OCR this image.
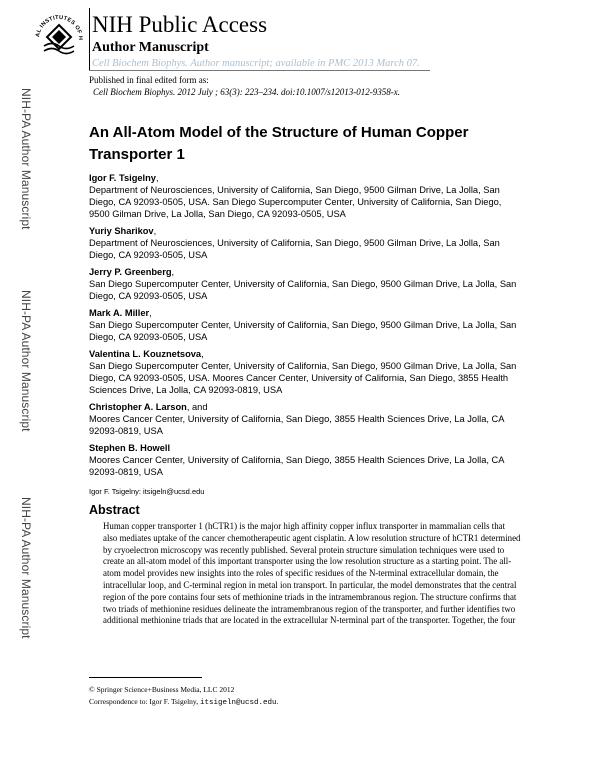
AL INSTITUTES OF H
NIH Public Access
Author Manuscript
Cell Biochem Biophys. Author manuscript; available in PMC 2013 March 07.
Published in final edited form as:
Cell Biochem Biophys. 2012 July ; 63(3): 223–234. doi:10.1007/s12013-012-9358-x.
NIH-PA Author Manuscript
NIH-PA Author Manuscript
NIH-PA Author Manuscript
An All-Atom Model of the Structure of Human Copper
Transporter 1
Igor F. Tsigelny,
Department of Neurosciences, University of California, San Diego, 9500 Gilman Drive, La Jolla, San Diego, CA 92093-0505, USA. San Diego Supercomputer Center, University of California, San Diego, 9500 Gilman Drive, La Jolla, San Diego, CA 92093-0505, USA
Yuriy Sharikov,
Department of Neurosciences, University of California, San Diego, 9500 Gilman Drive, La Jolla, San Diego, CA 92093-0505, USA
Jerry P. Greenberg,
San Diego Supercomputer Center, University of California, San Diego, 9500 Gilman Drive, La Jolla, San Diego, CA 92093-0505, USA
Mark A. Miller,
San Diego Supercomputer Center, University of California, San Diego, 9500 Gilman Drive, La Jolla, San Diego, CA 92093-0505, USA
Valentina L. Kouznetsova,
San Diego Supercomputer Center, University of California, San Diego, 9500 Gilman Drive, La Jolla, San Diego, CA 92093-0505, USA. Moores Cancer Center, University of California, San Diego, 3855 Health Sciences Drive, La Jolla, CA 92093-0819, USA
Christopher A. Larson, and
Moores Cancer Center, University of California, San Diego, 3855 Health Sciences Drive, La Jolla, CA 92093-0819, USA
Stephen B. Howell
Moores Cancer Center, University of California, San Diego, 3855 Health Sciences Drive, La Jolla, CA 92093-0819, USA
Igor F. Tsigelny: itsigeln@ucsd.edu
Abstract
Human copper transporter 1 (hCTR1) is the major high affinity copper influx transporter in mammalian cells that also mediates uptake of the cancer chemotherapeutic agent cisplatin. A low resolution structure of hCTR1 determined by cryoelectron microscopy was recently published. Several protein structure simulation techniques were used to create an all-atom model of this important transporter using the low resolution structure as a starting point. The all-atom model provides new insights into the roles of specific residues of the N-terminal extracellular domain, the intracellular loop, and C-terminal region in metal ion transport. In particular, the model demonstrates that the central region of the pore contains four sets of methionine triads in the intramembranous region. The structure confirms that two triads of methionine residues delineate the intramembranous region of the transporter, and further identifies two additional methionine triads that are located in the extracellular N-terminal part of the transporter. Together, the four
© Springer Science+Business Media, LLC 2012
Correspondence to: Igor F. Tsigelny, itsigeln@ucsd.edu.
